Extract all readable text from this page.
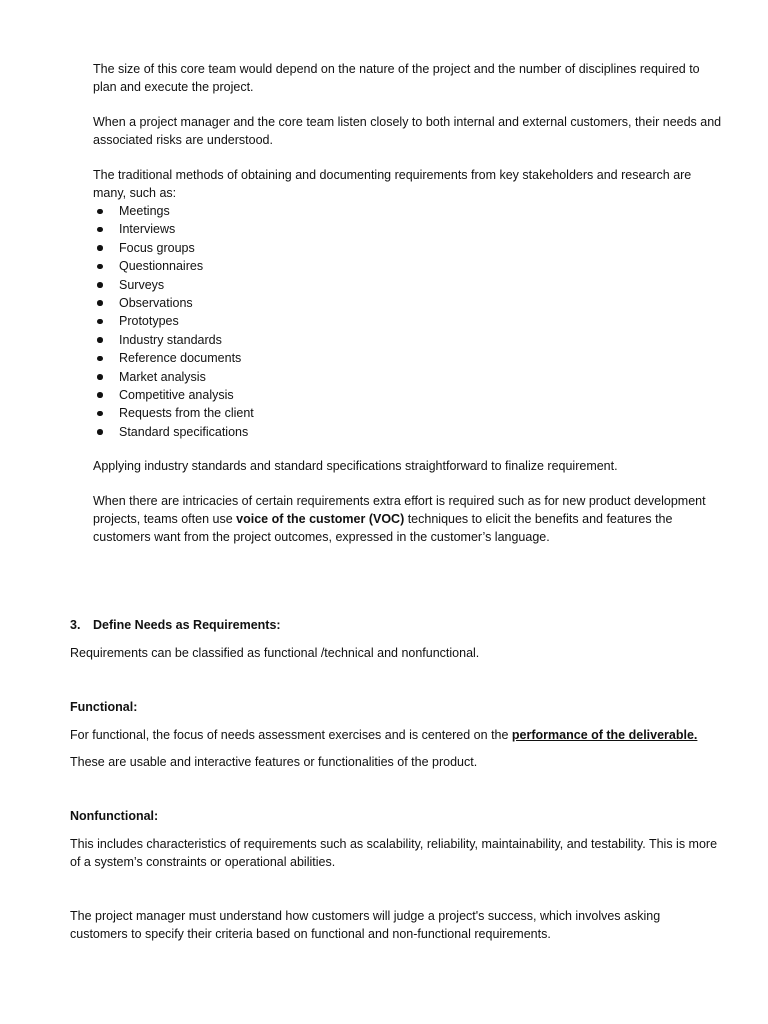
The size of this core team would depend on the nature of the project and the number of disciplines required to plan and execute the project.

When a project manager and the core team listen closely to both internal and external customers, their needs and associated risks are understood.

The traditional methods of obtaining and documenting requirements from key stakeholders and research are many, such as:

Meetings
Interviews
Focus groups
Questionnaires
Surveys
Observations
Prototypes
Industry standards
Reference documents
Market analysis
Competitive analysis
Requests from the client
Standard specifications

Applying industry standards and standard specifications straightforward to finalize requirement.

When there are intricacies of certain requirements extra effort is required such as for new product development projects, teams often use voice of the customer (VOC) techniques to elicit the benefits and features the customers want from the project outcomes, expressed in the customer’s language.

3. Define Needs as Requirements:

Requirements can be classified as functional /technical and nonfunctional.

Functional:

For functional, the focus of needs assessment exercises and is centered on the performance of the deliverable.

These are usable and interactive features or functionalities of the product.

Nonfunctional:

This includes characteristics of requirements such as scalability, reliability, maintainability, and testability. This is more of a system’s constraints or operational abilities.

The project manager must understand how customers will judge a project's success, which involves asking customers to specify their criteria based on functional and non-functional requirements.
